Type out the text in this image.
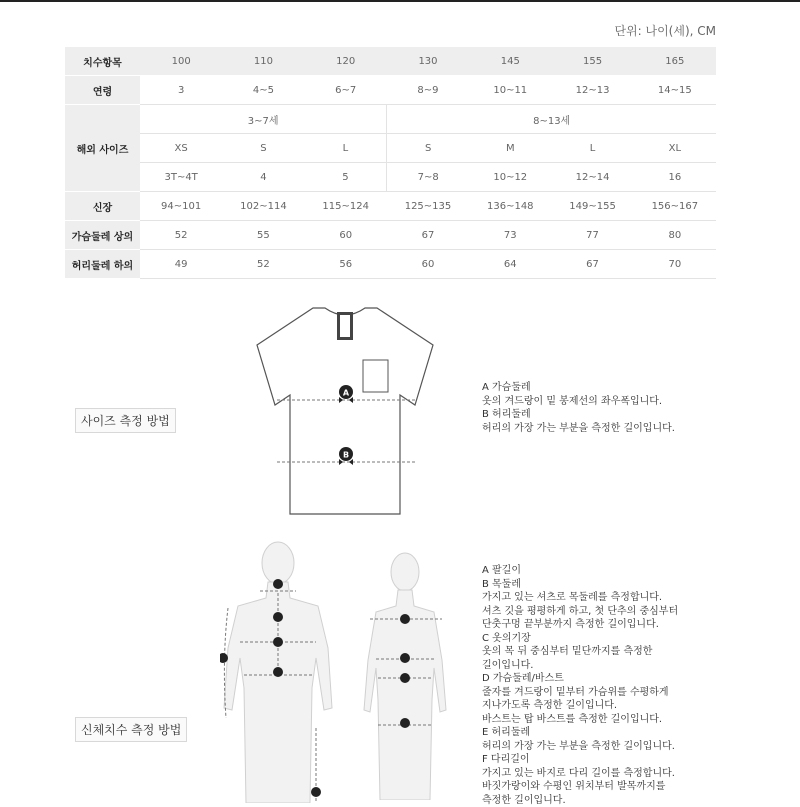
단위: 나이(세), CM
치수항목	100	110	120	130	145	155	165
연령	3	4~5	6~7	8~9	10~11	12~13	14~15
해외 사이즈	3~7세			8~13세			
	XS	S	L	S	M	L	XL
	3T~4T	4	5	7~8	10~12	12~14	16
신장	94~101	102~114	115~124	125~135	136~148	149~155	156~167
가슴둘레 상의	52	55	60	67	73	77	80
허리둘레 하의	49	52	56	60	64	67	70
사이즈 측정 방법
A
B
A 가슴둘레
옷의 겨드랑이 밑 봉제선의 좌우폭입니다.
B 허리둘레
허리의 가장 가는 부분을 측정한 길이입니다.
신체치수 측정 방법
A 팔길이
B 목둘레
가지고 있는 셔츠로 목둘레를 측정합니다.
셔츠 깃을 평평하게 하고, 첫 단추의 중심부터
단춧구멍 끝부분까지 측정한 길이입니다.
C 옷의기장
옷의 목 뒤 중심부터 밑단까지를 측정한
길이입니다.
D 가슴둘레/바스트
줄자를 겨드랑이 밑부터 가슴위를 수평하게
지나가도록 측정한 길이입니다.
바스트는 탑 바스트를 측정한 길이입니다.
E 허리둘레
허리의 가장 가는 부분을 측정한 길이입니다.
F 다리길이
가지고 있는 바지로 다리 길이를 측정합니다.
바짓가랑이와 수평인 위치부터 발목까지를
측정한 길이입니다.
